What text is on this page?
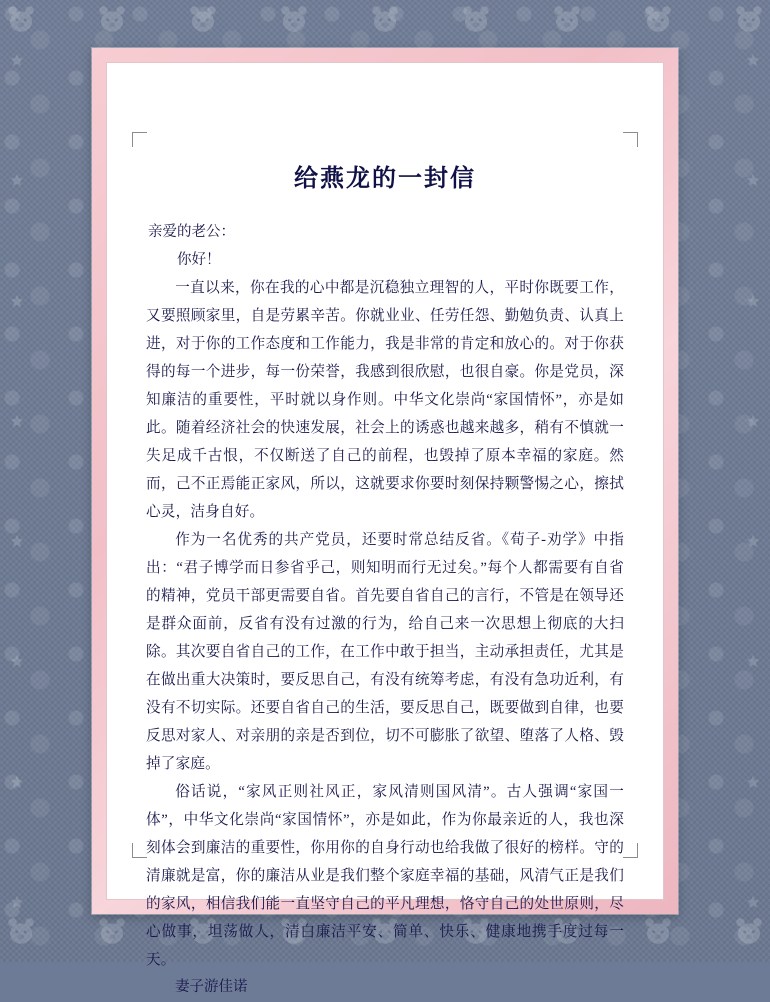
给燕龙的一封信

亲爱的老公：

你好！

一直以来，你在我的心中都是沉稳独立理智的人，平时你既要工作，又要照顾家里，自是劳累辛苦。你就业业、任劳任怨、勤勉负责、认真上进，对于你的工作态度和工作能力，我是非常的肯定和放心的。对于你获得的每一个进步，每一份荣誉，我感到很欣慰，也很自豪。你是党员，深知廉洁的重要性，平时就以身作则。中华文化崇尚“家国情怀”，亦是如此。随着经济社会的快速发展，社会上的诱惑也越来越多，稍有不慎就一失足成千古恨，不仅断送了自己的前程，也毁掉了原本幸福的家庭。然而，己不正焉能正家风，所以，这就要求你要时刻保持颗警惕之心，擦拭心灵，洁身自好。

作为一名优秀的共产党员，还要时常总结反省。《荀子-劝学》中指出：“君子博学而日参省乎己，则知明而行无过矣。”每个人都需要有自省的精神，党员干部更需要自省。首先要自省自己的言行，不管是在领导还是群众面前，反省有没有过激的行为，给自己来一次思想上彻底的大扫除。其次要自省自己的工作，在工作中敢于担当，主动承担责任，尤其是在做出重大决策时，要反思自己，有没有统筹考虑，有没有急功近利，有没有不切实际。还要自省自己的生活，要反思自己，既要做到自律，也要反思对家人、对亲朋的亲是否到位，切不可膨胀了欲望、堕落了人格、毁掉了家庭。

俗话说，“家风正则社风正，家风清则国风清”。古人强调“家国一体”，中华文化崇尚“家国情怀”，亦是如此，作为你最亲近的人，我也深刻体会到廉洁的重要性，你用你的自身行动也给我做了很好的榜样。守的清廉就是富，你的廉洁从业是我们整个家庭幸福的基础，风清气正是我们的家风，相信我们能一直坚守自己的平凡理想，恪守自己的处世原则，尽心做事，坦荡做人，清白廉洁平安、简单、快乐、健康地携手度过每一天。

妻子游佳诺
